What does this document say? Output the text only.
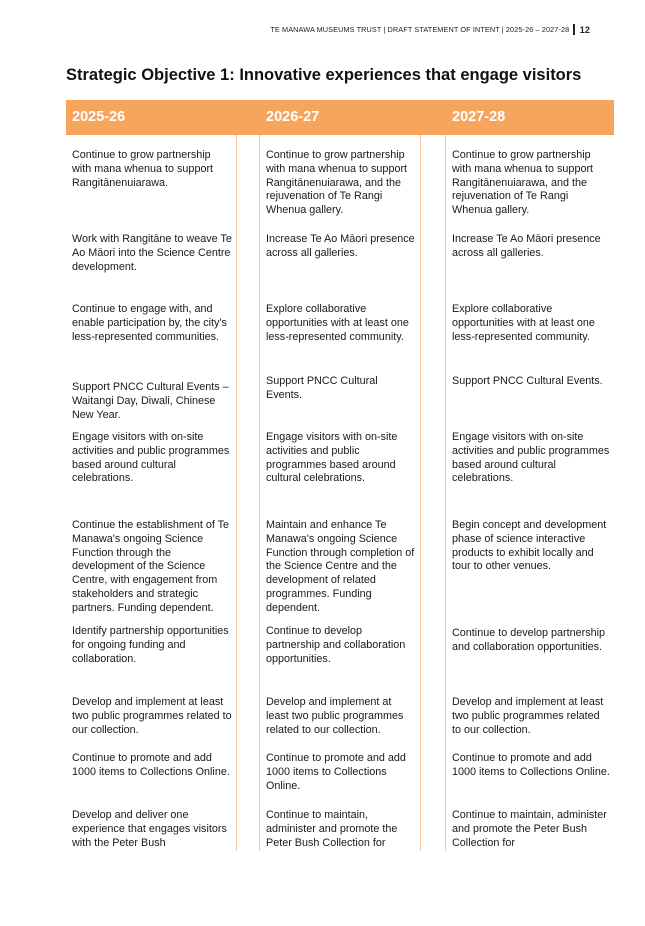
TE MANAWA MUSEUMS TRUST | DRAFT STATEMENT OF INTENT | 2025-26 – 2027-28 12
Strategic Objective 1: Innovative experiences that engage visitors
2025-26	2026-27	2027-28

Continue to grow partnership with mana whenua to support Rangitānenuiarawa.

Continue to grow partnership with mana whenua to support Rangitānenuiarawa, and the rejuvenation of Te Rangi Whenua gallery.

Continue to grow partnership with mana whenua to support Rangitānenuiarawa, and the rejuvenation of Te Rangi Whenua gallery.

Work with Rangitāne to weave Te Ao Māori into the Science Centre development.

Increase Te Ao Māori presence across all galleries.

Increase Te Ao Māori presence across all galleries.

Continue to engage with, and enable participation by, the city's less-represented communities.

Explore collaborative opportunities with at least one less-represented community.

Explore collaborative opportunities with at least one less-represented community.

Support PNCC Cultural Events – Waitangi Day, Diwali, Chinese New Year.

Support PNCC Cultural Events.

Support PNCC Cultural Events.

Engage visitors with on-site activities and public programmes based around cultural celebrations.

Engage visitors with on-site activities and public programmes based around cultural celebrations.

Engage visitors with on-site activities and public programmes based around cultural celebrations.

Continue the establishment of Te Manawa's ongoing Science Function through the development of the Science Centre, with engagement from stakeholders and strategic partners. Funding dependent.

Maintain and enhance Te Manawa's ongoing Science Function through completion of the Science Centre and the development of related programmes. Funding dependent.

Begin concept and development phase of science interactive products to exhibit locally and tour to other venues.

Identify partnership opportunities for ongoing funding and collaboration.

Continue to develop partnership and collaboration opportunities.

Continue to develop partnership and collaboration opportunities.

Develop and implement at least two public programmes related to our collection.

Develop and implement at least two public programmes related to our collection.

Develop and implement at least two public programmes related to our collection.

Continue to promote and add 1000 items to Collections Online.

Continue to promote and add 1000 items to Collections Online.

Continue to promote and add 1000 items to Collections Online.

Develop and deliver one experience that engages visitors with the Peter Bush

Continue to maintain, administer and promote the Peter Bush Collection for

Continue to maintain, administer and promote the Peter Bush Collection for
